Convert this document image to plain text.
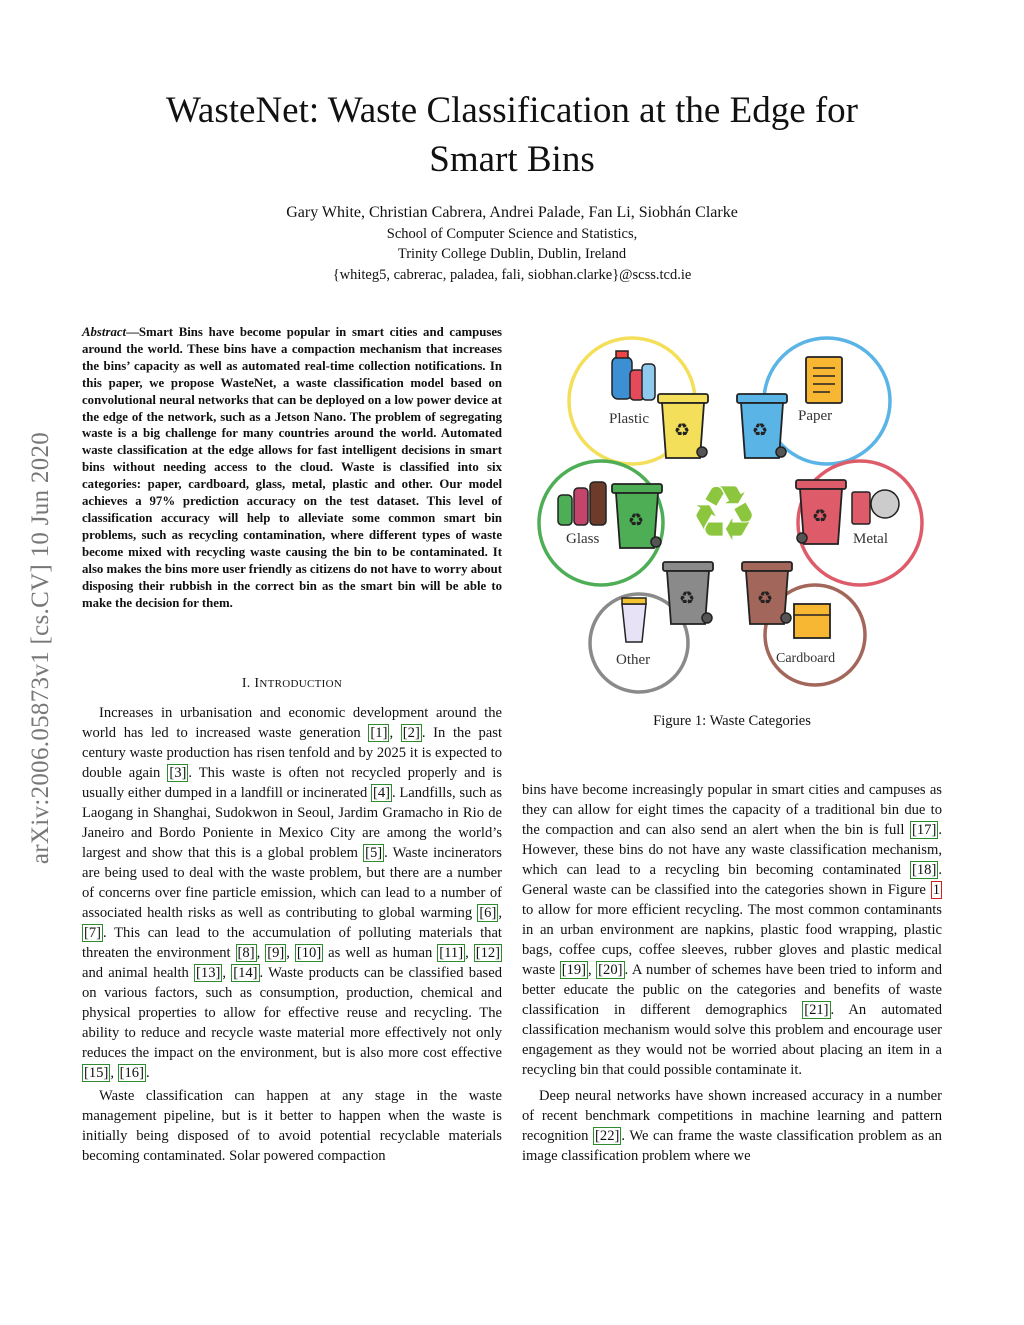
WasteNet: Waste Classification at the Edge for
Smart Bins
Gary White, Christian Cabrera, Andrei Palade, Fan Li, Siobhán Clarke
School of Computer Science and Statistics,
Trinity College Dublin, Dublin, Ireland
{whiteg5, cabrerac, paladea, fali, siobhan.clarke}@scss.tcd.ie
arXiv:2006.05873v1 [cs.CV] 10 Jun 2020

Abstract—Smart Bins have become popular in smart cities and campuses around the world. These bins have a compaction mechanism that increases the bins’ capacity as well as automated real-time collection notifications. In this paper, we propose WasteNet, a waste classification model based on convolutional neural networks that can be deployed on a low power device at the edge of the network, such as a Jetson Nano. The problem of segregating waste is a big challenge for many countries around the world. Automated waste classification at the edge allows for fast intelligent decisions in smart bins without needing access to the cloud. Waste is classified into six categories: paper, cardboard, glass, metal, plastic and other. Our model achieves a 97% prediction accuracy on the test dataset. This level of classification accuracy will help to alleviate some common smart bin problems, such as recycling contamination, where different types of waste become mixed with recycling waste causing the bin to be contaminated. It also makes the bins more user friendly as citizens do not have to worry about disposing their rubbish in the correct bin as the smart bin will be able to make the decision for them.

I. INTRODUCTION

Increases in urbanisation and economic development around the world has led to increased waste generation [1] , [2] . In the past century waste production has risen tenfold and by 2025 it is expected to double again [3] . This waste is often not recycled properly and is usually either dumped in a landfill or incinerated [4] . Landfills, such as Laogang in Shanghai, Sudokwon in Seoul, Jardim Gramacho in Rio de Janeiro and Bordo Poniente in Mexico City are among the world’s largest and show that this is a global problem [5] . Waste incinerators are being used to deal with the waste problem, but there are a number of concerns over fine particle emission, which can lead to a number of associated health risks as well as contributing to global warming [6] , [7] . This can lead to the accumulation of polluting materials that threaten the environment [8] , [9] , [10] as well as human [11] , [12] and animal health [13] , [14] . Waste products can be classified based on various factors, such as consumption, production, chemical and physical properties to allow for effective reuse and recycling. The ability to reduce and recycle waste material more effectively not only reduces the impact on the environment, but is also more cost effective [15] , [16] .

Waste classification can happen at any stage in the waste management pipeline, but is it better to happen when the waste is initially being disposed of to avoid potential recyclable materials becoming contaminated. Solar powered compaction

Plastic
♻
Paper
♻
Glass
♻
Metal
♻
Other
♻
Cardboard
♻
♻
Figure 1: Waste Categories

bins have become increasingly popular in smart cities and campuses as they can allow for eight times the capacity of a traditional bin due to the compaction and can also send an alert when the bin is full [17] . However, these bins do not have any waste classification mechanism, which can lead to a recycling bin becoming contaminated [18] . General waste can be classified into the categories shown in Figure 1 to allow for more efficient recycling. The most common contaminants in an urban environment are napkins, plastic food wrapping, plastic bags, coffee cups, coffee sleeves, rubber gloves and plastic medical waste [19] , [20] . A number of schemes have been tried to inform and better educate the public on the categories and benefits of waste classification in different demographics [21] . An automated classification mechanism would solve this problem and encourage user engagement as they would not be worried about placing an item in a recycling bin that could possible contaminate it.

Deep neural networks have shown increased accuracy in a number of recent benchmark competitions in machine learning and pattern recognition [22] . We can frame the waste classification problem as an image classification problem where we
